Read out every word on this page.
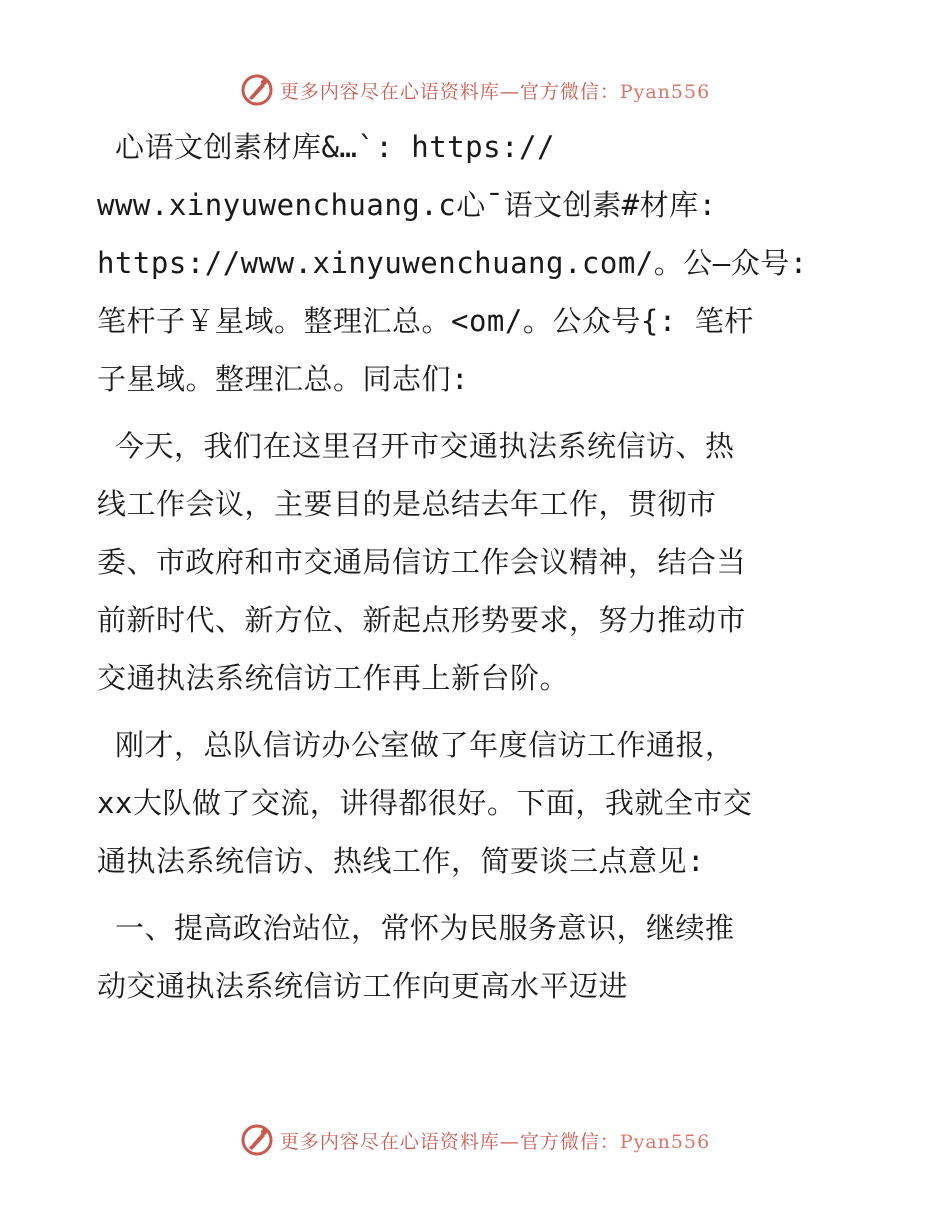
更多内容尽在心语资料库—官方微信：Pyan556
心语文创素材库&…`: https://
www.xinyuwenchuang.c心¯语文创素#材库:
https://www.xinyuwenchuang.com/。公—众号:
笔杆子￥星域。整理汇总。<om/。公众号{: 笔杆
子星域。整理汇总。同志们:
今天，我们在这里召开市交通执法系统信访、热
线工作会议，主要目的是总结去年工作，贯彻市
委、市政府和市交通局信访工作会议精神，结合当
前新时代、新方位、新起点形势要求，努力推动市
交通执法系统信访工作再上新台阶。
刚才，总队信访办公室做了年度信访工作通报，
xx大队做了交流，讲得都很好。下面，我就全市交
通执法系统信访、热线工作，简要谈三点意见:
一、提高政治站位，常怀为民服务意识，继续推
动交通执法系统信访工作向更高水平迈进
更多内容尽在心语资料库—官方微信：Pyan556
